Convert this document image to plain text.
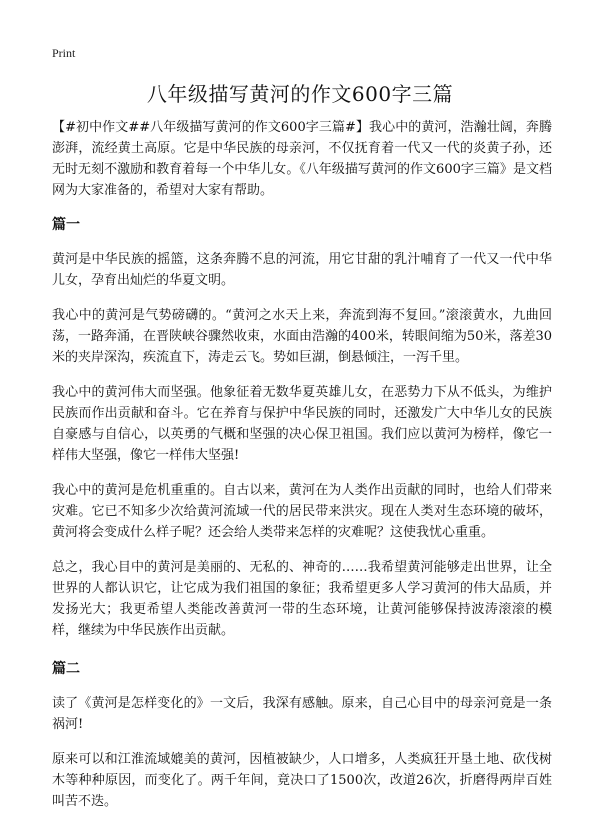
Print
八年级描写黄河的作文600字三篇

【#初中作文##八年级描写黄河的作文600字三篇#】我心中的黄河，浩瀚壮阔，奔腾澎湃，流经黄土高原。它是中华民族的母亲河，不仅抚育着一代又一代的炎黄子孙，还无时无刻不激励和教育着每一个中华儿女。《八年级描写黄河的作文600字三篇》是文档网为大家准备的，希望对大家有帮助。

篇一

黄河是中华民族的摇篮，这条奔腾不息的河流，用它甘甜的乳汁哺育了一代又一代中华儿女，孕育出灿烂的华夏文明。

我心中的黄河是气势磅礴的。“黄河之水天上来，奔流到海不复回。”滚滚黄水，九曲回荡，一路奔涌，在晋陕峡谷骤然收束，水面由浩瀚的400米，转眼间缩为50米，落差30米的夹岸深沟，疾流直下，涛走云飞。势如巨湖，倒悬倾注，一泻千里。

我心中的黄河伟大而坚强。他象征着无数华夏英雄儿女，在恶势力下从不低头，为维护民族而作出贡献和奋斗。它在养育与保护中华民族的同时，还激发广大中华儿女的民族自豪感与自信心，以英勇的气概和坚强的决心保卫祖国。我们应以黄河为榜样，像它一样伟大坚强，像它一样伟大坚强!

我心中的黄河是危机重重的。自古以来，黄河在为人类作出贡献的同时，也给人们带来灾难。它已不知多少次给黄河流域一代的居民带来洪灾。现在人类对生态环境的破坏，黄河将会变成什么样子呢？还会给人类带来怎样的灾难呢？这使我忧心重重。

总之，我心目中的黄河是美丽的、无私的、神奇的……我希望黄河能够走出世界，让全世界的人都认识它，让它成为我们祖国的象征；我希望更多人学习黄河的伟大品质，并发扬光大；我更希望人类能改善黄河一带的生态环境，让黄河能够保持波涛滚滚的模样，继续为中华民族作出贡献。

篇二

读了《黄河是怎样变化的》一文后，我深有感触。原来，自己心目中的母亲河竟是一条祸河!

原来可以和江淮流域媲美的黄河，因植被缺少，人口增多，人类疯狂开垦土地、砍伐树木等种种原因，而变化了。两千年间，竟决口了1500次，改道26次，折磨得两岸百姓叫苦不迭。
